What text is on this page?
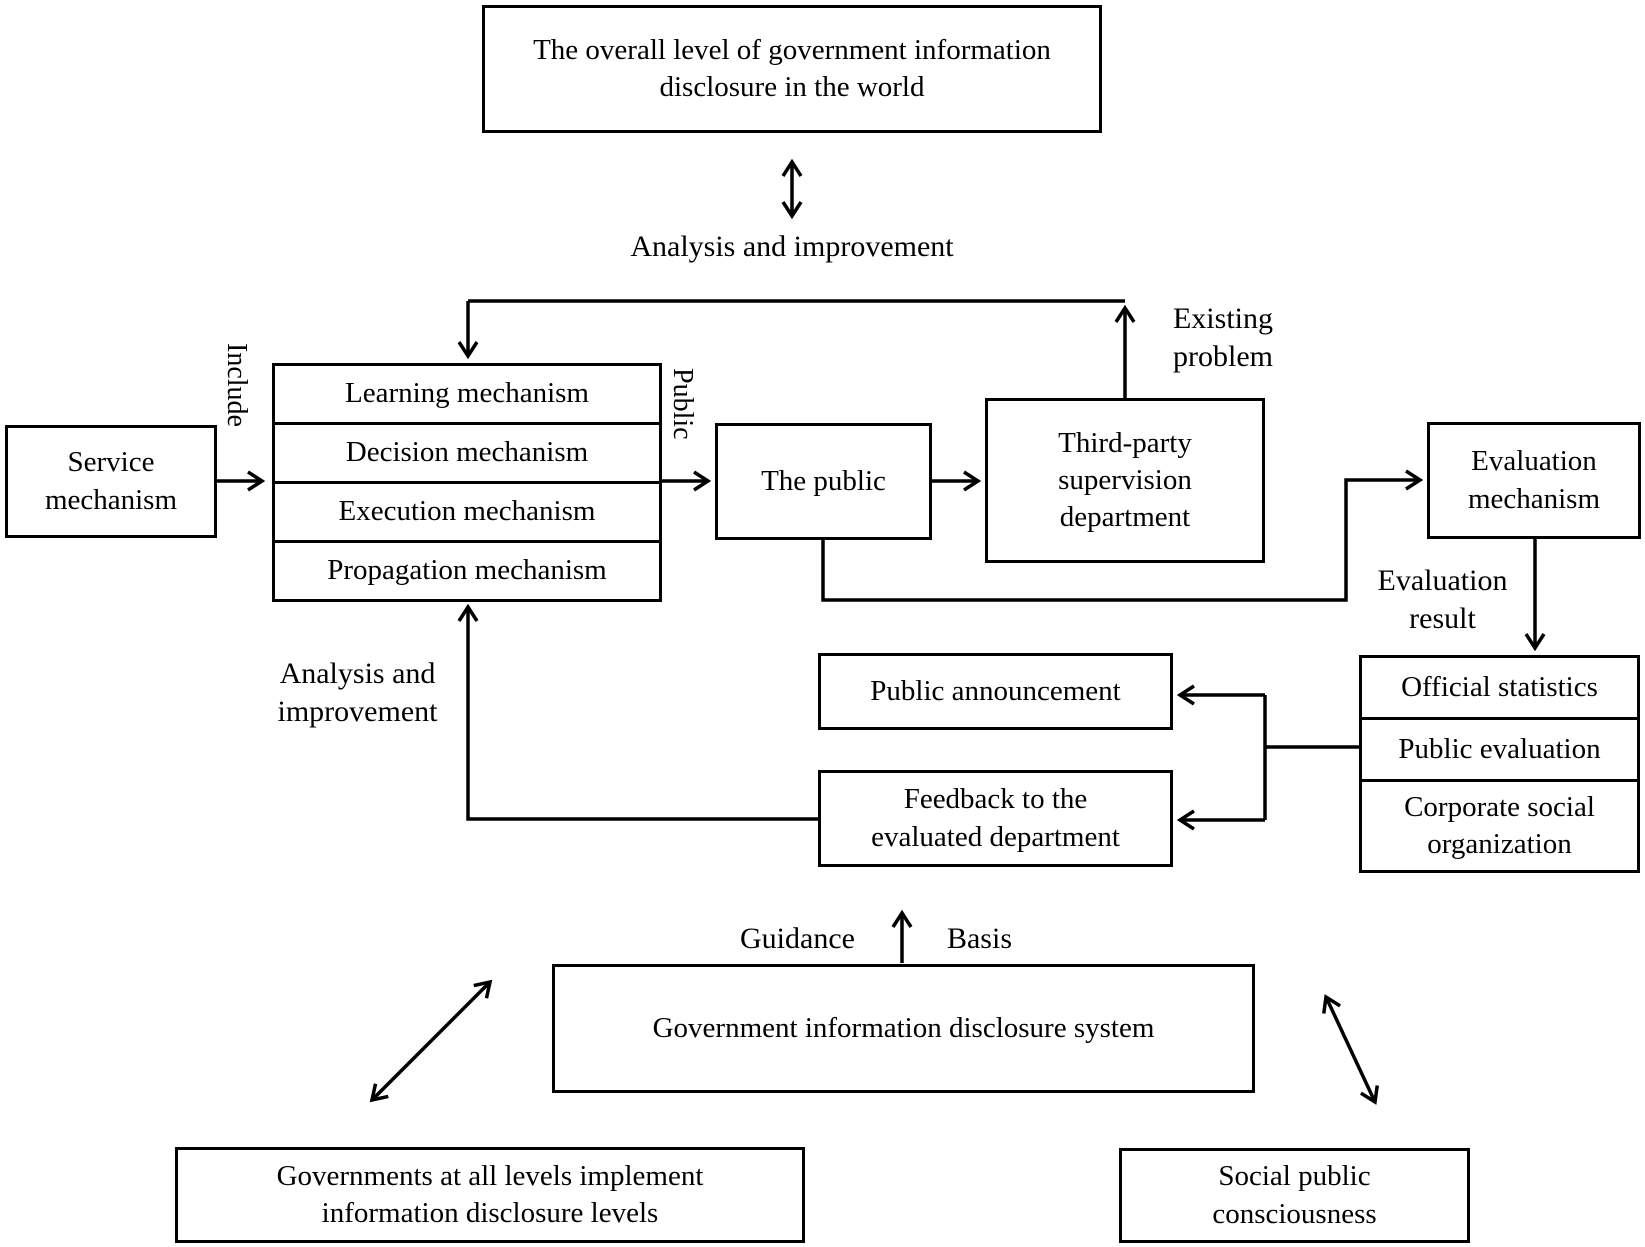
The overall level of government information disclosure in the world
Service mechanism
Learning mechanism
Decision mechanism
Execution mechanism
Propagation mechanism
The public
Third-party supervision department
Evaluation mechanism
Public announcement
Feedback to the evaluated department
Official statistics
Public evaluation
Corporate social organization
Government information disclosure system
Governments at all levels implement information disclosure levels
Social public consciousness
Analysis and improvement
Existing problem
Include	Public
Evaluation result
Analysis and improvement
Guidance	Basis
